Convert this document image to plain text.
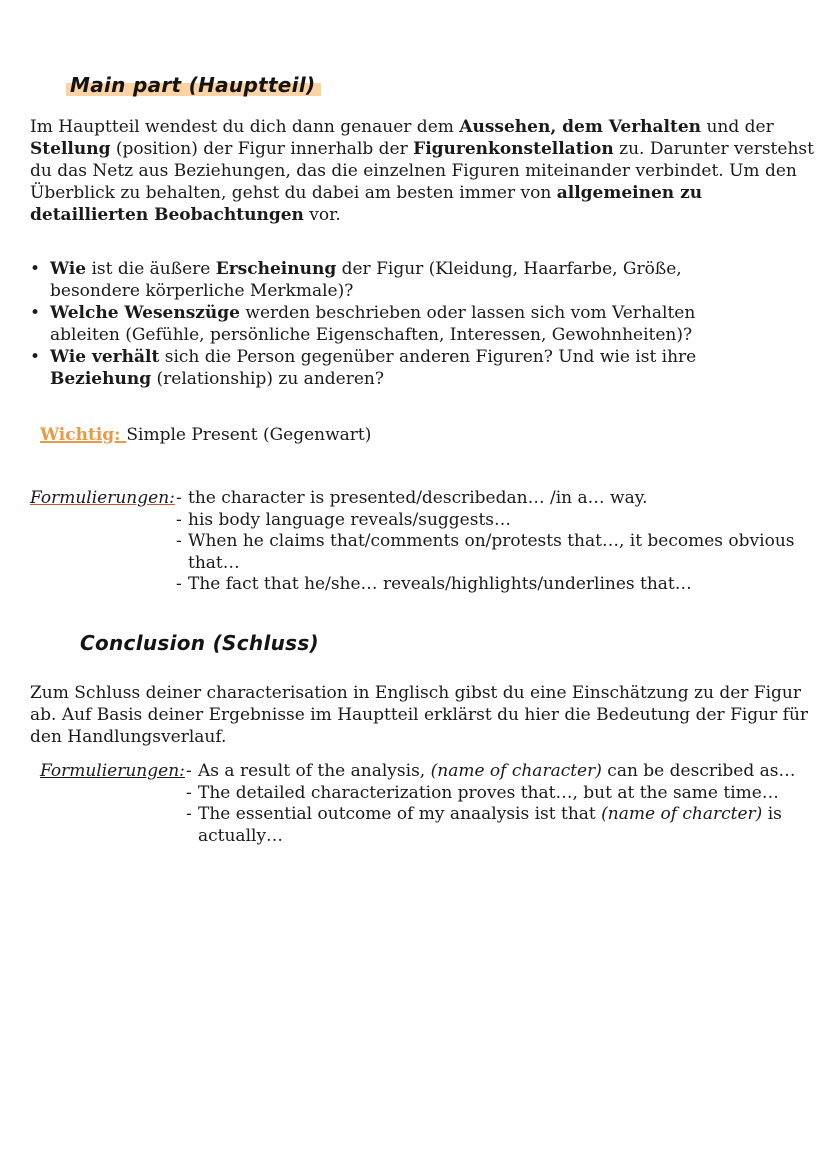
Main part (Hauptteil)

Im Hauptteil wendest du dich dann genauer dem Aussehen, dem Verhalten und der Stellung (position) der Figur innerhalb der Figurenkonstellation zu. Darunter verstehst du das Netz aus Beziehungen, das die einzelnen Figuren miteinander verbindet. Um den Überblick zu behalten, gehst du dabei am besten immer von allgemeinen zu detaillierten Beobachtungen vor.

• Wie ist die äußere Erscheinung der Figur (Kleidung, Haarfarbe, Größe, besondere körperliche Merkmale)?
• Welche Wesenszüge werden beschrieben oder lassen sich vom Verhalten ableiten (Gefühle, persönliche Eigenschaften, Interessen, Gewohnheiten)?
• Wie verhält sich die Person gegenüber anderen Figuren? Und wie ist ihre Beziehung (relationship) zu anderen?
Wichtig: Simple Present (Gegenwart)
Formulierungen: - the character is presented/describedan… /in a… way.
- his body language reveals/suggests…
- When he claims that/comments on/protests that…, it becomes obvious that…
- The fact that he/she… reveals/highlights/underlines that…
Conclusion (Schluss)

Zum Schluss deiner characterisation in Englisch gibst du eine Einschätzung zu der Figur ab. Auf Basis deiner Ergebnisse im Hauptteil erklärst du hier die Bedeutung der Figur für den Handlungsverlauf.

Formulierungen: - As a result of the analysis, (name of character) can be described as…
- The detailed characterization proves that…, but at the same time…
- The essential outcome of my anaalysis ist that (name of charcter) is actually…
